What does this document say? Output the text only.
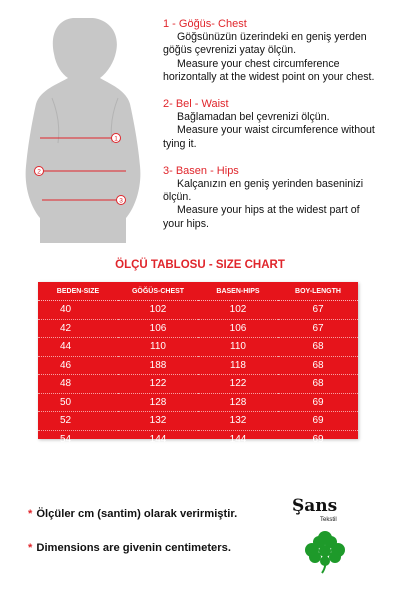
1
2
3
1 - Göğüs- Chest
Göğsünüzün üzerindeki en geniş yerden
göğüs çevrenizi yatay ölçün.
Measure your chest circumference
horizontally at the widest point on your chest.
2- Bel - Waist
Bağlamadan bel çevrenizi ölçün.
Measure your waist circumference without
tying it.
3- Basen - Hips
Kalçanızın en geniş yerinden baseninizi
ölçün.
Measure your hips at the widest part of
your hips.
ÖLÇÜ TABLOSU - SIZE CHART
BEDEN-SIZE	GÖĞÜS-CHEST	BASEN-HIPS	BOY-LENGTH
40	102	102	67
42	106	106	67
44	110	110	68
46	188	118	68
48	122	122	68
50	128	128	69
52	132	132	69
54	144	144	69
56	148	148	72
* Ölçüler cm (santim) olarak verirmiştir.
* Dimensions are givenin centimeters.
Şans
Tekstil
